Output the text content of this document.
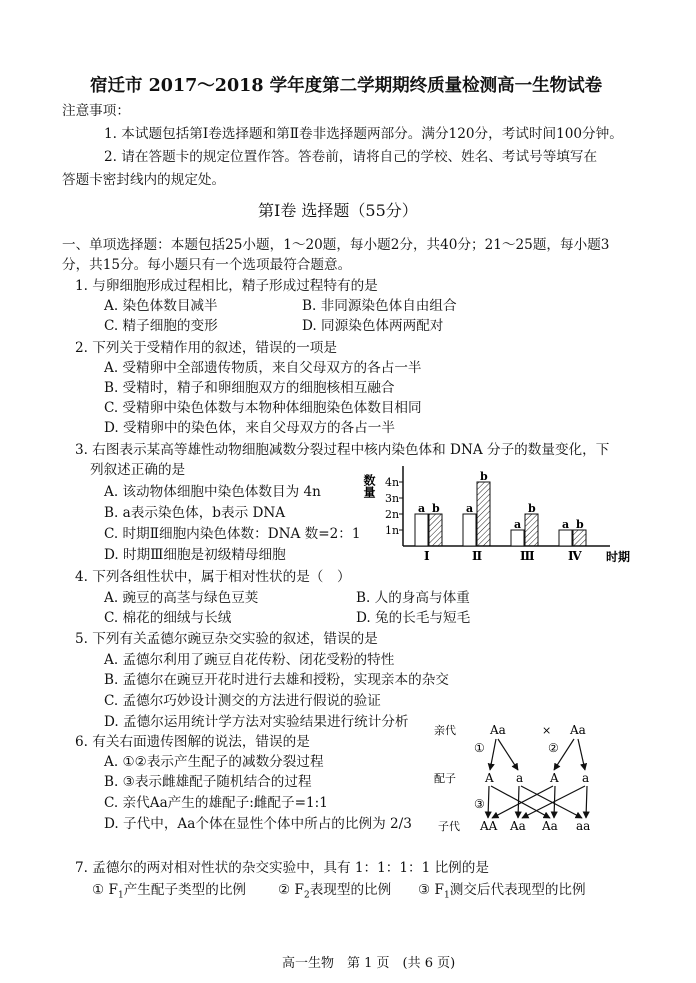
宿迁市 2017～2018 学年度第二学期期终质量检测高一生物试卷
注意事项：
1. 本试题包括第Ⅰ卷选择题和第Ⅱ卷非选择题两部分。满分120分，考试时间100分钟。
2. 请在答题卡的规定位置作答。答卷前，请将自己的学校、姓名、考试号等填写在
答题卡密封线内的规定处。
第Ⅰ卷 选择题（55分）
一、单项选择题：本题包括25小题，1～20题，每小题2分，共40分；21～25题，每小题3
分，共15分。每小题只有一个选项最符合题意。
1. 与卵细胞形成过程相比，精子形成过程特有的是
A. 染色体数目减半	B. 非同源染色体自由组合
C. 精子细胞的变形	D. 同源染色体两两配对
2. 下列关于受精作用的叙述，错误的一项是
A. 受精卵中全部遗传物质，来自父母双方的各占一半
B. 受精时，精子和卵细胞双方的细胞核相互融合
C. 受精卵中染色体数与本物种体细胞染色体数目相同
D. 受精卵中的染色体，来自父母双方的各占一半
3. 右图表示某高等雄性动物细胞减数分裂过程中核内染色体和 DNA 分子的数量变化，下
列叙述正确的是
A. 该动物体细胞中染色体数目为 4n
B. a表示染色体，b表示 DNA
C. 时期Ⅱ细胞内染色体数：DNA 数=2：1
D. 时期Ⅲ细胞是初级精母细胞
数量
时期
1n
2n
3n
4n
a b
Ⅰ
a
b
Ⅱ
a
b
Ⅲ
a b
Ⅳ
4. 下列各组性状中，属于相对性状的是（　）
A. 豌豆的高茎与绿色豆荚	B. 人的身高与体重
C. 棉花的细绒与长绒	D. 兔的长毛与短毛
5. 下列有关孟德尔豌豆杂交实验的叙述，错误的是
A. 孟德尔利用了豌豆自花传粉、闭花受粉的特性
B. 孟德尔在豌豆开花时进行去雄和授粉，实现亲本的杂交
C. 孟德尔巧妙设计测交的方法进行假说的验证
D. 孟德尔运用统计学方法对实验结果进行统计分析
6. 有关右面遗传图解的说法，错误的是
A. ①②表示产生配子的减数分裂过程
B. ③表示雌雄配子随机结合的过程
C. 亲代Aa产生的雄配子:雌配子=1:1
D. 子代中，Aa个体在显性个体中所占的比例为 2/3
亲代
配子
子代
Aa	× Aa
①	②
③
A a A a
AA Aa Aa aa
7. 孟德尔的两对相对性状的杂交实验中，具有 1：1：1：1 比例的是
① $F_1$产生配子类型的比例 ② $F_2$表现型的比例 ③ $F_1$测交后代表现型的比例
高一生物　第 1 页　(共 6 页)
